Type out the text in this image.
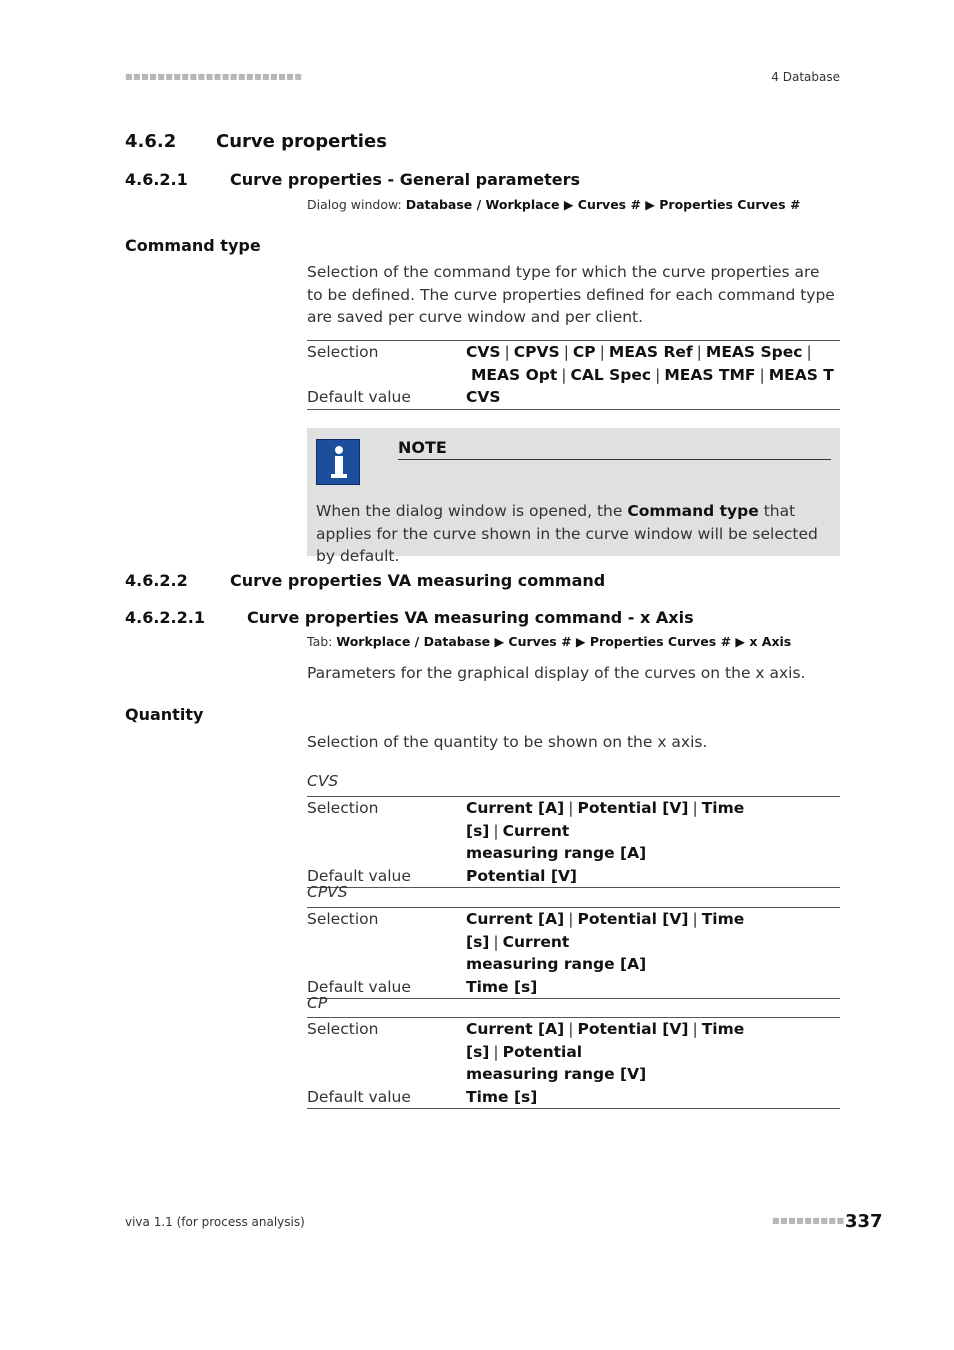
■■■■■■■■■■■■■■■■■■■■■■	4 Database
4.6.2 Curve properties
4.6.2.1	Curve properties - General parameters
Dialog window: Database / Workplace ▶ Curves # ▶ Properties Curves #
Command type
Selection of the command type for which the curve properties are to be defined. The curve properties defined for each command type are saved per curve window and per client.
Selection	CVS | CPVS | CP | MEAS Ref | MEAS Spec |
MEAS Opt | CAL Spec | MEAS TMF | MEAS T
Default value	CVS
NOTE
When the dialog window is opened, the Command type that applies for the curve shown in the curve window will be selected by default.
4.6.2.2	Curve properties VA measuring command
4.6.2.2.1	Curve properties VA measuring command - x Axis
Tab: Workplace / Database ▶ Curves # ▶ Properties Curves # ▶ x Axis
Parameters for the graphical display of the curves on the x axis.
Quantity
Selection of the quantity to be shown on the x axis.
CVS
Selection	Current [A] | Potential [V] | Time [s] | Current
measuring range [A]
Default value	Potential [V]
CPVS
Selection	Current [A] | Potential [V] | Time [s] | Current
measuring range [A]
Default value	Time [s]
CP
Selection	Current [A] | Potential [V] | Time [s] | Potential
measuring range [V]
Default value	Time [s]
viva 1.1 (for process analysis)	■■■■■■■■■ 337
